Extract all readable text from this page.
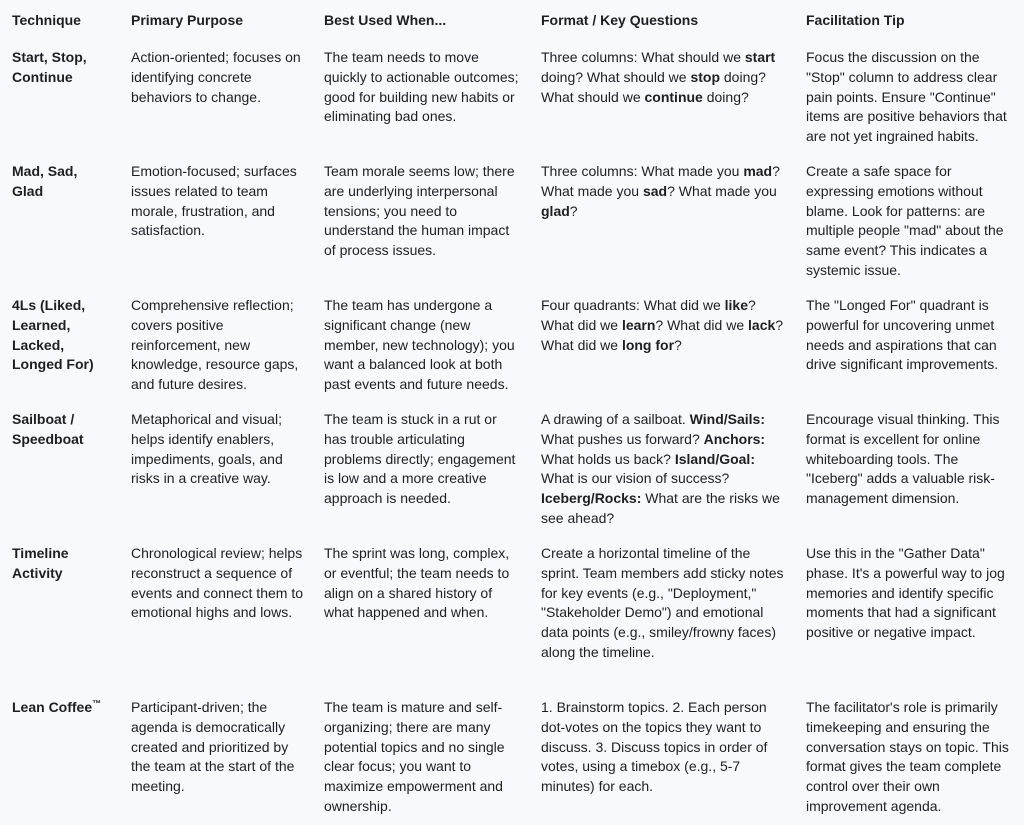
Technique	Primary Purpose	Best Used When...	Format / Key Questions	Facilitation Tip
Start, Stop, Continue	Action-oriented; focuses on identifying concrete behaviors to change.	The team needs to move quickly to actionable outcomes; good for building new habits or eliminating bad ones.	Three columns: What should we start doing? What should we stop doing? What should we continue doing?	Focus the discussion on the "Stop" column to address clear pain points. Ensure "Continue" items are positive behaviors that are not yet ingrained habits.
Mad, Sad, Glad	Emotion-focused; surfaces issues related to team morale, frustration, and satisfaction.	Team morale seems low; there are underlying interpersonal tensions; you need to understand the human impact of process issues.	Three columns: What made you mad? What made you sad? What made you glad?	Create a safe space for expressing emotions without blame. Look for patterns: are multiple people "mad" about the same event? This indicates a systemic issue.
4Ls (Liked, Learned, Lacked, Longed For)	Comprehensive reflection; covers positive reinforcement, new knowledge, resource gaps, and future desires.	The team has undergone a significant change (new member, new technology); you want a balanced look at both past events and future needs.	Four quadrants: What did we like? What did we learn? What did we lack? What did we long for?	The "Longed For" quadrant is powerful for uncovering unmet needs and aspirations that can drive significant improvements.
Sailboat / Speedboat	Metaphorical and visual; helps identify enablers, impediments, goals, and risks in a creative way.	The team is stuck in a rut or has trouble articulating problems directly; engagement is low and a more creative approach is needed.	A drawing of a sailboat. Wind/Sails: What pushes us forward? Anchors: What holds us back? Island/Goal: What is our vision of success? Iceberg/Rocks: What are the risks we see ahead?	Encourage visual thinking. This format is excellent for online whiteboarding tools. The "Iceberg" adds a valuable risk-management dimension.
Timeline Activity	Chronological review; helps reconstruct a sequence of events and connect them to emotional highs and lows.	The sprint was long, complex, or eventful; the team needs to align on a shared history of what happened and when.	Create a horizontal timeline of the sprint. Team members add sticky notes for key events (e.g., "Deployment," "Stakeholder Demo") and emotional data points (e.g., smiley/frowny faces) along the timeline.	Use this in the "Gather Data" phase. It's a powerful way to jog memories and identify specific moments that had a significant positive or negative impact.
Lean Coffee™	Participant-driven; the agenda is democratically created and prioritized by the team at the start of the meeting.	The team is mature and self-organizing; there are many potential topics and no single clear focus; you want to maximize empowerment and ownership.	1. Brainstorm topics. 2. Each person dot-votes on the topics they want to discuss. 3. Discuss topics in order of votes, using a timebox (e.g., 5-7 minutes) for each.	The facilitator's role is primarily timekeeping and ensuring the conversation stays on topic. This format gives the team complete control over their own improvement agenda.
